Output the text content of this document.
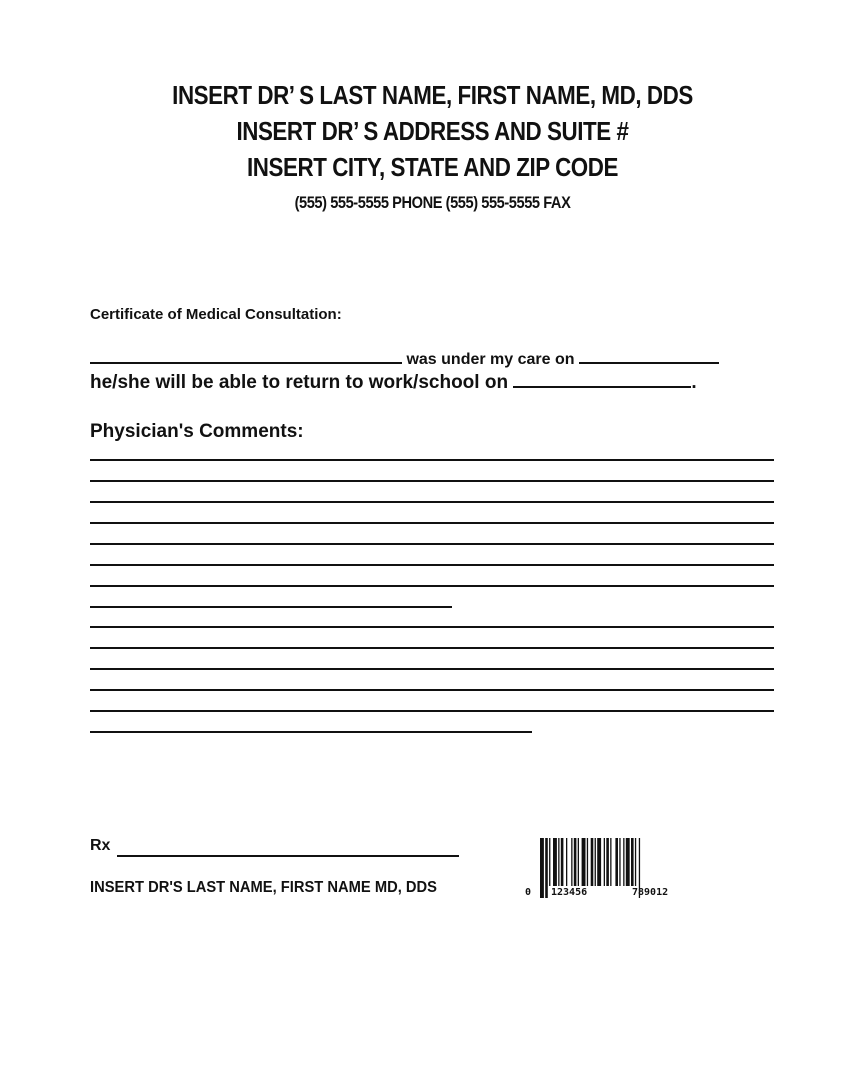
INSERT DR’ S LAST NAME, FIRST NAME, MD, DDS
INSERT DR’ S ADDRESS AND SUITE #
INSERT CITY, STATE AND ZIP CODE
(555) 555-5555 PHONE (555) 555-5555 FAX
Certificate of Medical Consultation:
was under my care on
he/she will be able to return to work/school on	.
Physician's Comments:
Rx
INSERT DR'S LAST NAME, FIRST NAME MD, DDS	0 123456	789012
